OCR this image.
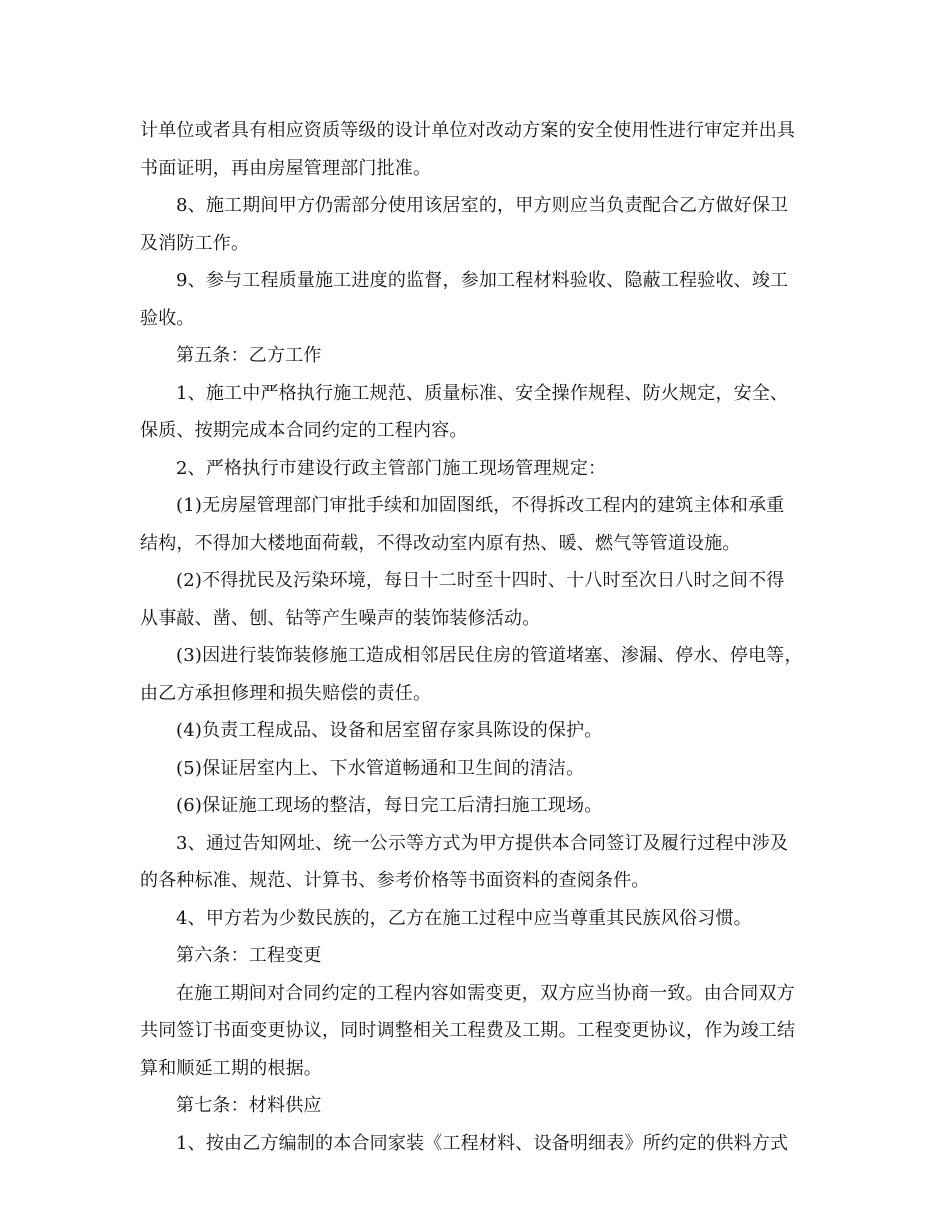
计单位或者具有相应资质等级的设计单位对改动方案的安全使用性进行审定并出具
书面证明，再由房屋管理部门批准。
8、施工期间甲方仍需部分使用该居室的，甲方则应当负责配合乙方做好保卫
及消防工作。
9、参与工程质量施工进度的监督，参加工程材料验收、隐蔽工程验收、竣工
验收。
第五条：乙方工作
1、施工中严格执行施工规范、质量标准、安全操作规程、防火规定，安全、
保质、按期完成本合同约定的工程内容。
2、严格执行市建设行政主管部门施工现场管理规定：
(1)无房屋管理部门审批手续和加固图纸，不得拆改工程内的建筑主体和承重
结构，不得加大楼地面荷载，不得改动室内原有热、暖、燃气等管道设施。
(2)不得扰民及污染环境，每日十二时至十四时、十八时至次日八时之间不得
从事敲、凿、刨、钻等产生噪声的装饰装修活动。
(3)因进行装饰装修施工造成相邻居民住房的管道堵塞、渗漏、停水、停电等，
由乙方承担修理和损失赔偿的责任。
(4)负责工程成品、设备和居室留存家具陈设的保护。
(5)保证居室内上、下水管道畅通和卫生间的清洁。
(6)保证施工现场的整洁，每日完工后清扫施工现场。
3、通过告知网址、统一公示等方式为甲方提供本合同签订及履行过程中涉及
的各种标准、规范、计算书、参考价格等书面资料的查阅条件。
4、甲方若为少数民族的，乙方在施工过程中应当尊重其民族风俗习惯。
第六条：工程变更
在施工期间对合同约定的工程内容如需变更，双方应当协商一致。由合同双方
共同签订书面变更协议，同时调整相关工程费及工期。工程变更协议，作为竣工结
算和顺延工期的根据。
第七条：材料供应
1、按由乙方编制的本合同家装《工程材料、设备明细表》所约定的供料方式
